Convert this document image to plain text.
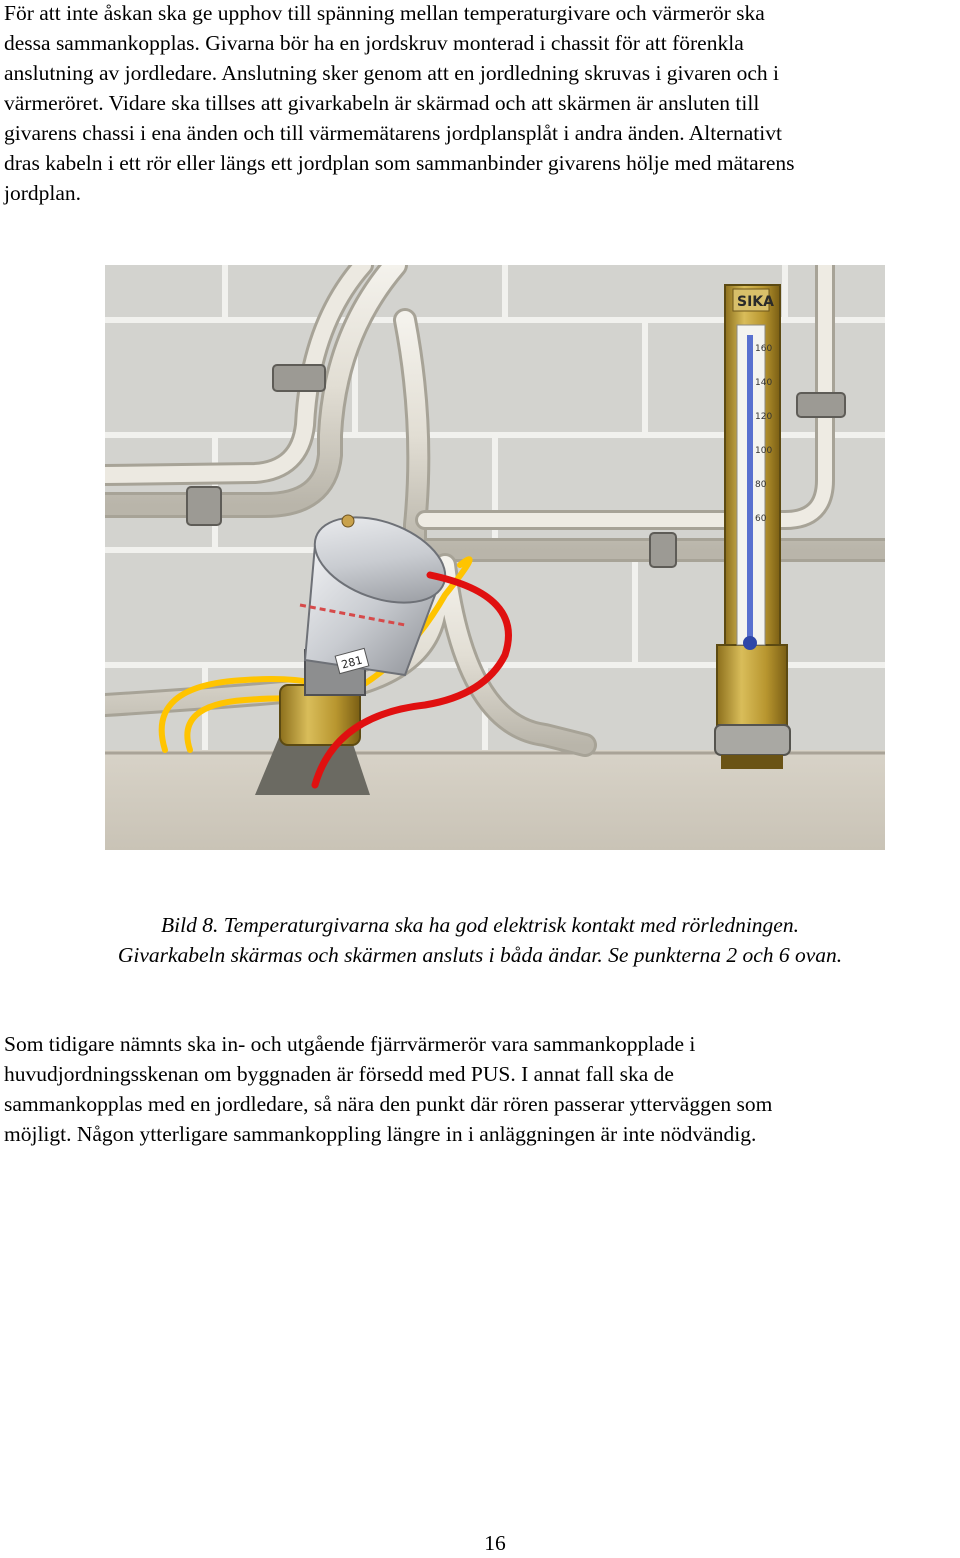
För att inte åskan ska ge upphov till spänning mellan temperaturgivare och värmerör ska
dessa sammankopplas. Givarna bör ha en jordskruv monterad i chassit för att förenkla
anslutning av jordledare. Anslutning sker genom att en jordledning skruvas i givaren och i
värmeröret. Vidare ska tillses att givarkabeln är skärmad och att skärmen är ansluten till
givarens chassi i ena änden och till värmemätarens jordplansplåt i andra änden. Alternativt
dras kabeln i ett rör eller längs ett jordplan som sammanbinder givarens hölje med mätarens
jordplan.

281
SIKA
160
140
120
100
80
60
Bild 8. Temperaturgivarna ska ha god elektrisk kontakt med rörledningen.
Givarkabeln skärmas och skärmen ansluts i båda ändar. Se punkterna 2 och 6 ovan.

Som tidigare nämnts ska in- och utgående fjärrvärmerör vara sammankopplade i
huvudjordningsskenan om byggnaden är försedd med PUS. I annat fall ska de
sammankopplas med en jordledare, så nära den punkt där rören passerar ytterväggen som
möjligt. Någon ytterligare sammankoppling längre in i anläggningen är inte nödvändig.

16
